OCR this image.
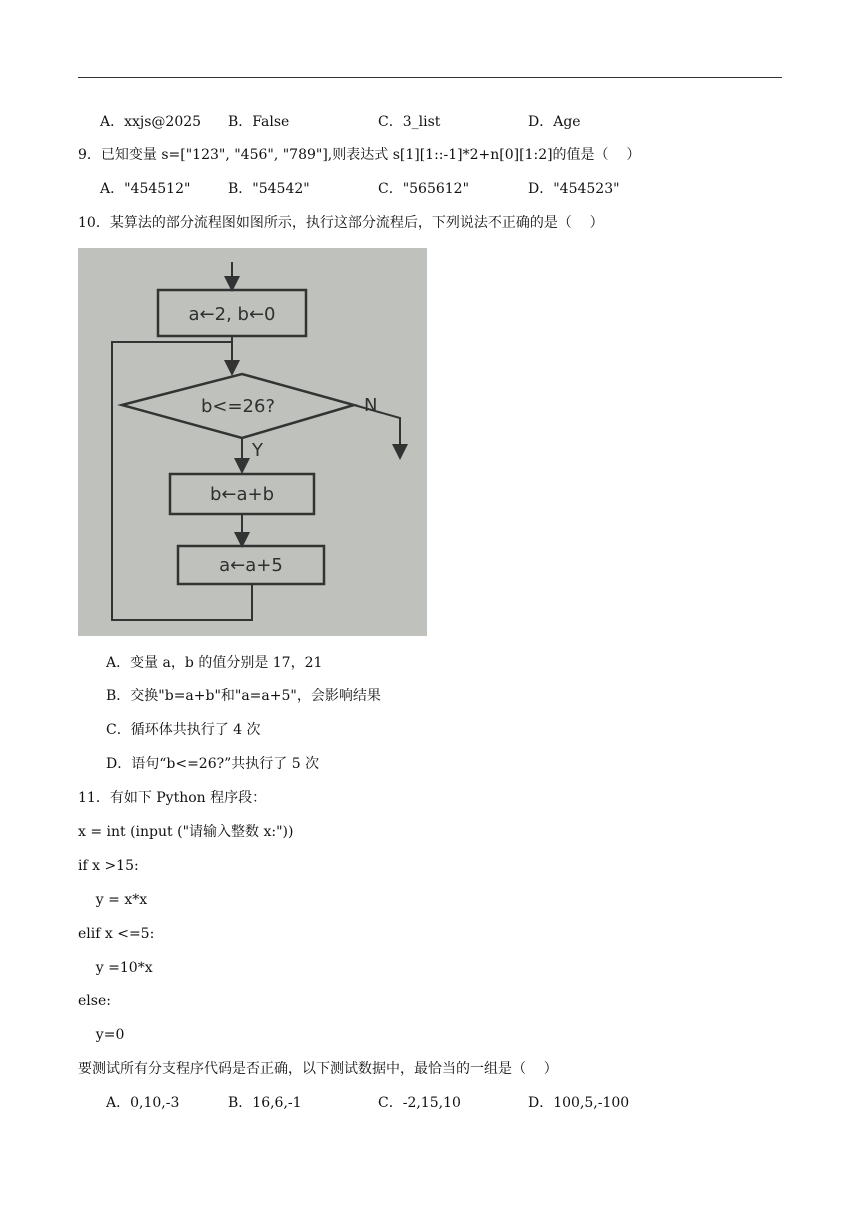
A．xxjs@2025 B．False	C．3_list	D．Age
9．已知变量 s=["123", "456", "789"],则表达式 s[1][1::-1]*2+n[0][1:2]的值是（    ）
A．"454512"	B．"54542"	C．"565612"	D．"454523"
10．某算法的部分流程图如图所示，执行这部分流程后，下列说法不正确的是（    ）
a←2, b←0
b<=26?	N
Y
b←a+b
a←a+5
A．变量 a，b 的值分别是 17，21
B．交换"b=a+b"和"a=a+5"，会影响结果
C．循环体共执行了 4 次
D．语句“b<=26?”共执行了 5 次
11．有如下 Python 程序段：
x = int (input ("请输入整数 x:"))
if x >15:
y = x*x
elif x <=5:
y =10*x
else:
y=0
要测试所有分支程序代码是否正确，以下测试数据中，最恰当的一组是（    ）
A．0,10,-3	B．16,6,-1	C．-2,15,10	D．100,5,-100
